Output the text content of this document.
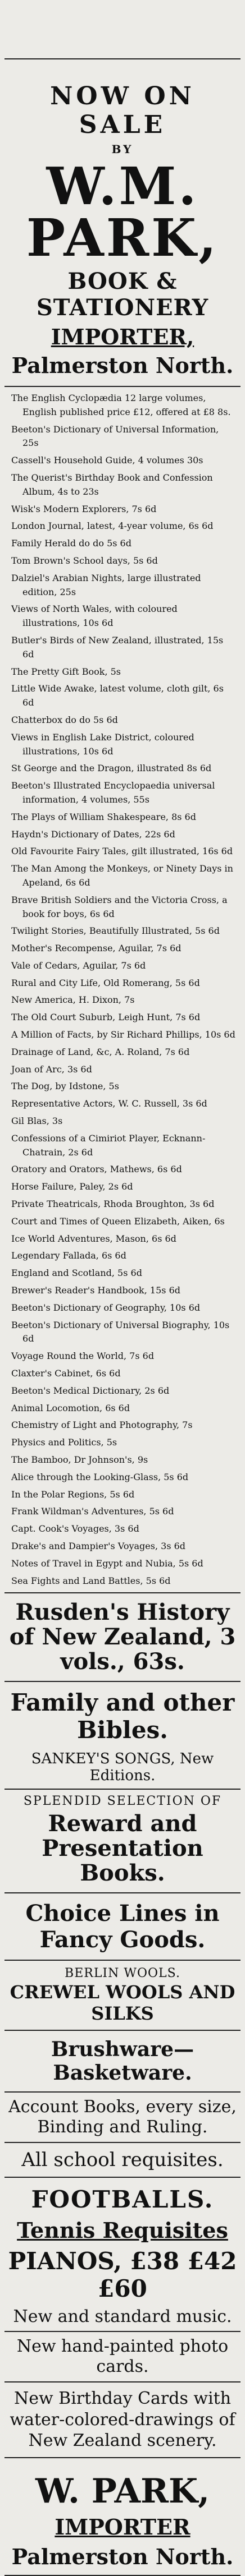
NOW ON SALE
BY
W.M. PARK,
BOOK & STATIONERY
IMPORTER,
Palmerston North.
The English Cyclopædia 12 large volumes, English published price £12, offered at £8 8s.
Beeton's Dictionary of Universal Information, 25s
Cassell's Household Guide, 4 volumes 30s
The Querist's Birthday Book and Confession Album, 4s to 23s
Wisk's Modern Explorers, 7s 6d
London Journal, latest, 4-year volume, 6s 6d
Family Herald do do 5s 6d
Tom Brown's School days, 5s 6d
Dalziel's Arabian Nights, large illustrated edition, 25s
Views of North Wales, with coloured illustrations, 10s 6d
Butler's Birds of New Zealand, illustrated, 15s 6d
The Pretty Gift Book, 5s
Little Wide Awake, latest volume, cloth gilt, 6s 6d
Chatterbox do do 5s 6d
Views in English Lake District, coloured illustrations, 10s 6d
St George and the Dragon, illustrated 8s 6d
Beeton's Illustrated Encyclopaedia universal information, 4 volumes, 55s
The Plays of William Shakespeare, 8s 6d
Haydn's Dictionary of Dates, 22s 6d
Old Favourite Fairy Tales, gilt illustrated, 16s 6d
The Man Among the Monkeys, or Ninety Days in Apeland, 6s 6d
Brave British Soldiers and the Victoria Cross, a book for boys, 6s 6d
Twilight Stories, Beautifully Illustrated, 5s 6d
Mother's Recompense, Aguilar, 7s 6d
Vale of Cedars, Aguilar, 7s 6d
Rural and City Life, Old Romerang, 5s 6d
New America, H. Dixon, 7s
The Old Court Suburb, Leigh Hunt, 7s 6d
A Million of Facts, by Sir Richard Phillips, 10s 6d
Drainage of Land, &c, A. Roland, 7s 6d
Joan of Arc, 3s 6d
The Dog, by Idstone, 5s
Representative Actors, W. C. Russell, 3s 6d
Gil Blas, 3s
Confessions of a Cimiriot Player, Ecknann-Chatrain, 2s 6d
Oratory and Orators, Mathews, 6s 6d
Horse Failure, Paley, 2s 6d
Private Theatricals, Rhoda Broughton, 3s 6d
Court and Times of Queen Elizabeth, Aiken, 6s
Ice World Adventures, Mason, 6s 6d
Legendary Fallada, 6s 6d
England and Scotland, 5s 6d
Brewer's Reader's Handbook, 15s 6d
Beeton's Dictionary of Geography, 10s 6d
Beeton's Dictionary of Universal Biography, 10s 6d
Voyage Round the World, 7s 6d
Claxter's Cabinet, 6s 6d
Beeton's Medical Dictionary, 2s 6d
Animal Locomotion, 6s 6d
Chemistry of Light and Photography, 7s
Physics and Politics, 5s
The Bamboo, Dr Johnson's, 9s
Alice through the Looking-Glass, 5s 6d
In the Polar Regions, 5s 6d
Frank Wildman's Adventures, 5s 6d
Capt. Cook's Voyages, 3s 6d
Drake's and Dampier's Voyages, 3s 6d
Notes of Travel in Egypt and Nubia, 5s 6d
Sea Fights and Land Battles, 5s 6d
Rusden's History of New Zealand, 3 vols., 63s.
Family and other Bibles.
SANKEY'S SONGS, New Editions.
SPLENDID SELECTION OF
Reward and Presentation Books.
Choice Lines in Fancy Goods.
BERLIN WOOLS.
CREWEL WOOLS AND SILKS
Brushware—Basketware.
Account Books, every size, Binding and Ruling.
All school requisites.
FOOTBALLS.
Tennis Requisites
PIANOS, £38 £42 £60
New and standard music.
New hand-painted photo cards.
New Birthday Cards with water-colored-drawings of New Zealand scenery.
W. PARK,
IMPORTER
Palmerston North.
